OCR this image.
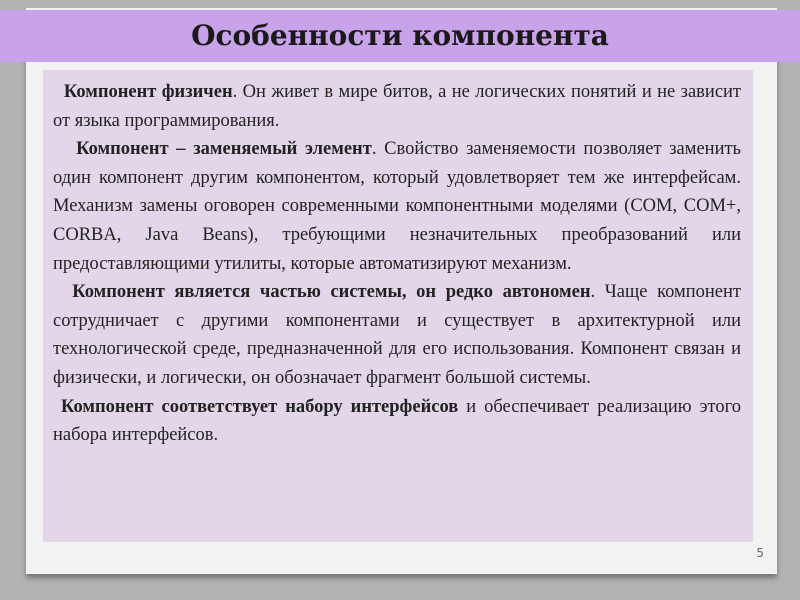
Особенности компонента

Компонент физичен. Он живет в мире битов, а не логических понятий и не зависит от языка программирования.

Компонент – заменяемый элемент. Свойство заменяемости позволяет заменить один компонент другим компонентом, который удовлетворяет тем же интерфейсам. Механизм замены оговорен современными компонентными моделями (COM, COM+, CORBA, Java Beans), требующими незначительных преобразований или предоставляющими утилиты, которые автоматизируют механизм.

Компонент является частью системы, он редко автономен. Чаще компонент сотрудничает с другими компонентами и существует в архитектурной или технологической среде, предназначенной для его использования. Компонент связан и физически, и логически, он обозначает фрагмент большой системы.

Компонент соответствует набору интерфейсов и обеспечивает реализацию этого набора интерфейсов.

5
